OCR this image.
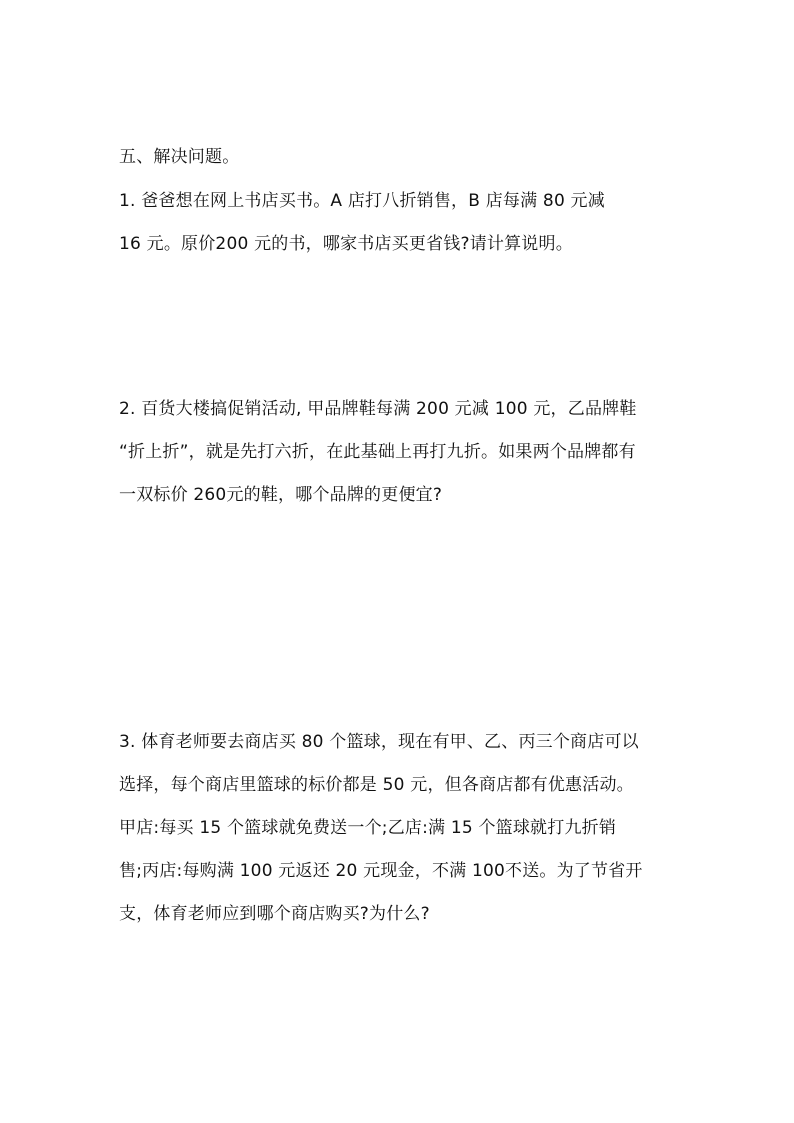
五、解决问题。
1. 爸爸想在网上书店买书。A 店打八折销售，B 店每满 80 元减
16 元。原价200 元的书，哪家书店买更省钱?请计算说明。
2. 百货大楼搞促销活动, 甲品牌鞋每满 200 元减 100 元，乙品牌鞋
“折上折”，就是先打六折，在此基础上再打九折。如果两个品牌都有
一双标价 260元的鞋，哪个品牌的更便宜?
3. 体育老师要去商店买 80 个篮球，现在有甲、乙、丙三个商店可以
选择，每个商店里篮球的标价都是 50 元，但各商店都有优惠活动。
甲店:每买 15 个篮球就免费送一个;乙店:满 15 个篮球就打九折销
售;丙店:每购满 100 元返还 20 元现金，不满 100不送。为了节省开
支，体育老师应到哪个商店购买?为什么?
